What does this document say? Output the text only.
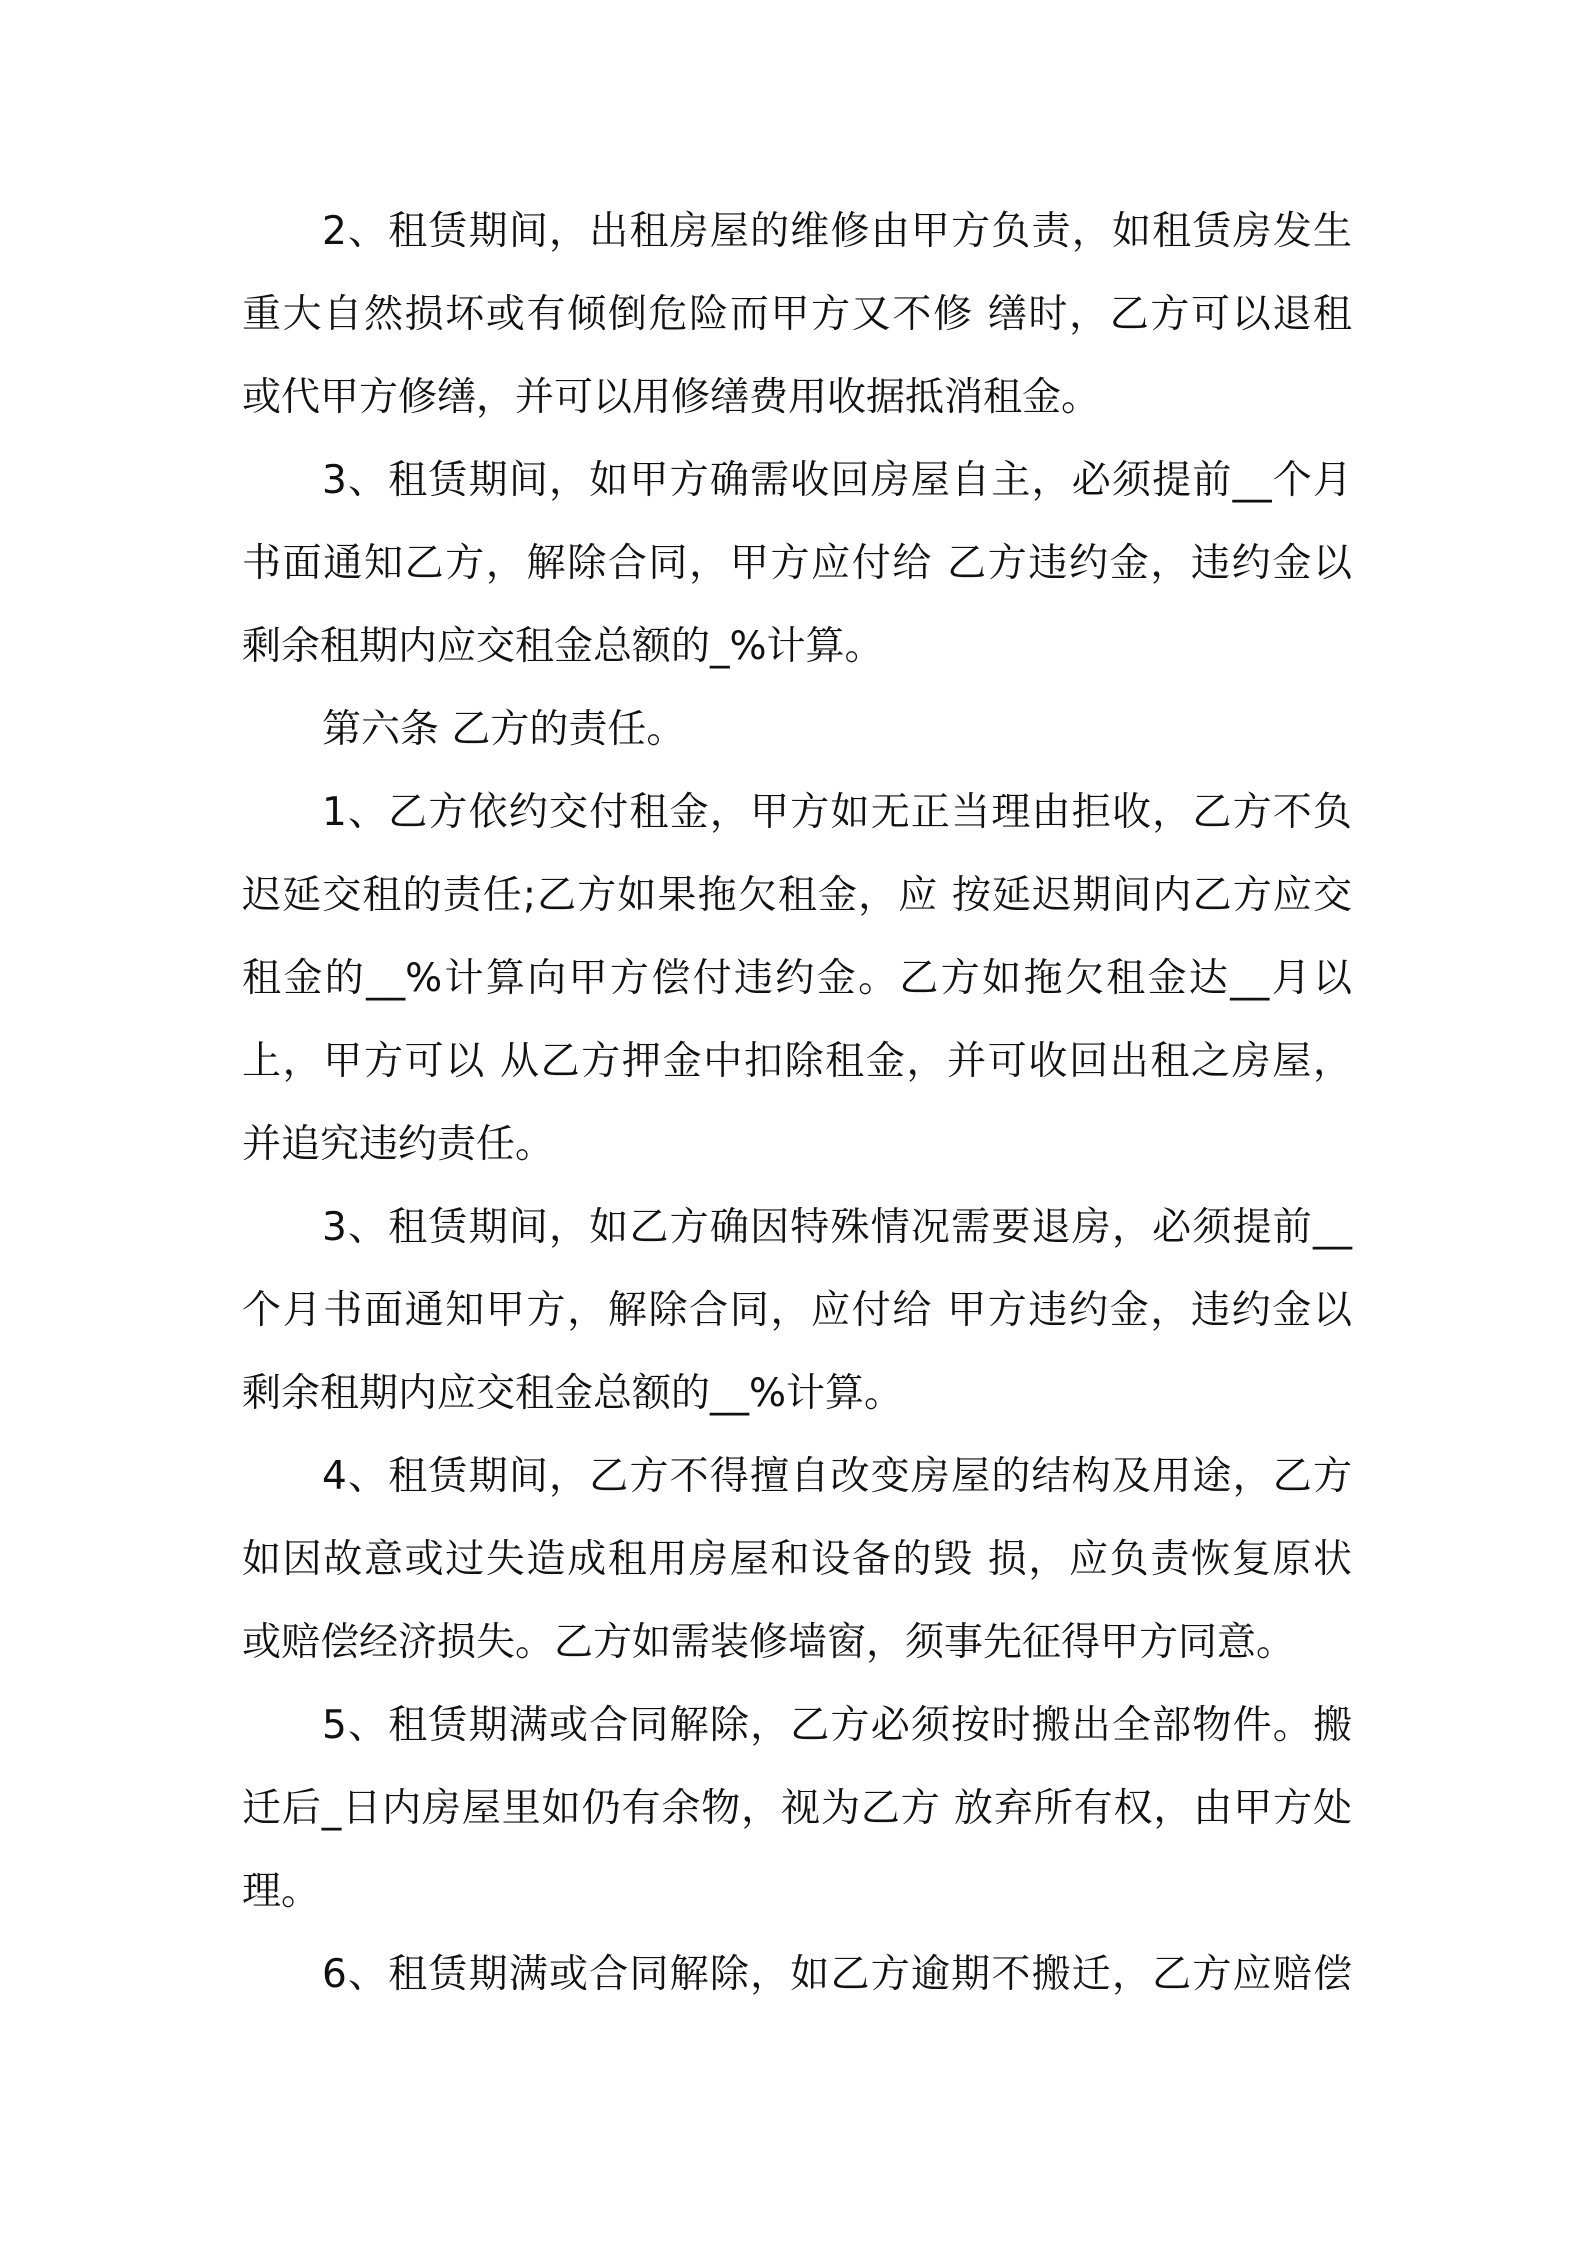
2、租赁期间，出租房屋的维修由甲方负责，如租赁房发生
重大自然损坏或有倾倒危险而甲方又不修 缮时，乙方可以退租
或代甲方修缮，并可以用修缮费用收据抵消租金。
3、租赁期间，如甲方确需收回房屋自主，必须提前__个月
书面通知乙方，解除合同，甲方应付给 乙方违约金，违约金以
剩余租期内应交租金总额的_%计算。
第六条 乙方的责任。
1、乙方依约交付租金，甲方如无正当理由拒收，乙方不负
迟延交租的责任;乙方如果拖欠租金，应 按延迟期间内乙方应交
租金的__%计算向甲方偿付违约金。乙方如拖欠租金达__月以
上，甲方可以 从乙方押金中扣除租金，并可收回出租之房屋，
并追究违约责任。
3、租赁期间，如乙方确因特殊情况需要退房，必须提前__
个月书面通知甲方，解除合同，应付给 甲方违约金，违约金以
剩余租期内应交租金总额的__%计算。
4、租赁期间，乙方不得擅自改变房屋的结构及用途，乙方
如因故意或过失造成租用房屋和设备的毁 损，应负责恢复原状
或赔偿经济损失。乙方如需装修墙窗，须事先征得甲方同意。
5、租赁期满或合同解除，乙方必须按时搬出全部物件。搬
迁后_日内房屋里如仍有余物，视为乙方 放弃所有权，由甲方处
理。
6、租赁期满或合同解除，如乙方逾期不搬迁，乙方应赔偿
